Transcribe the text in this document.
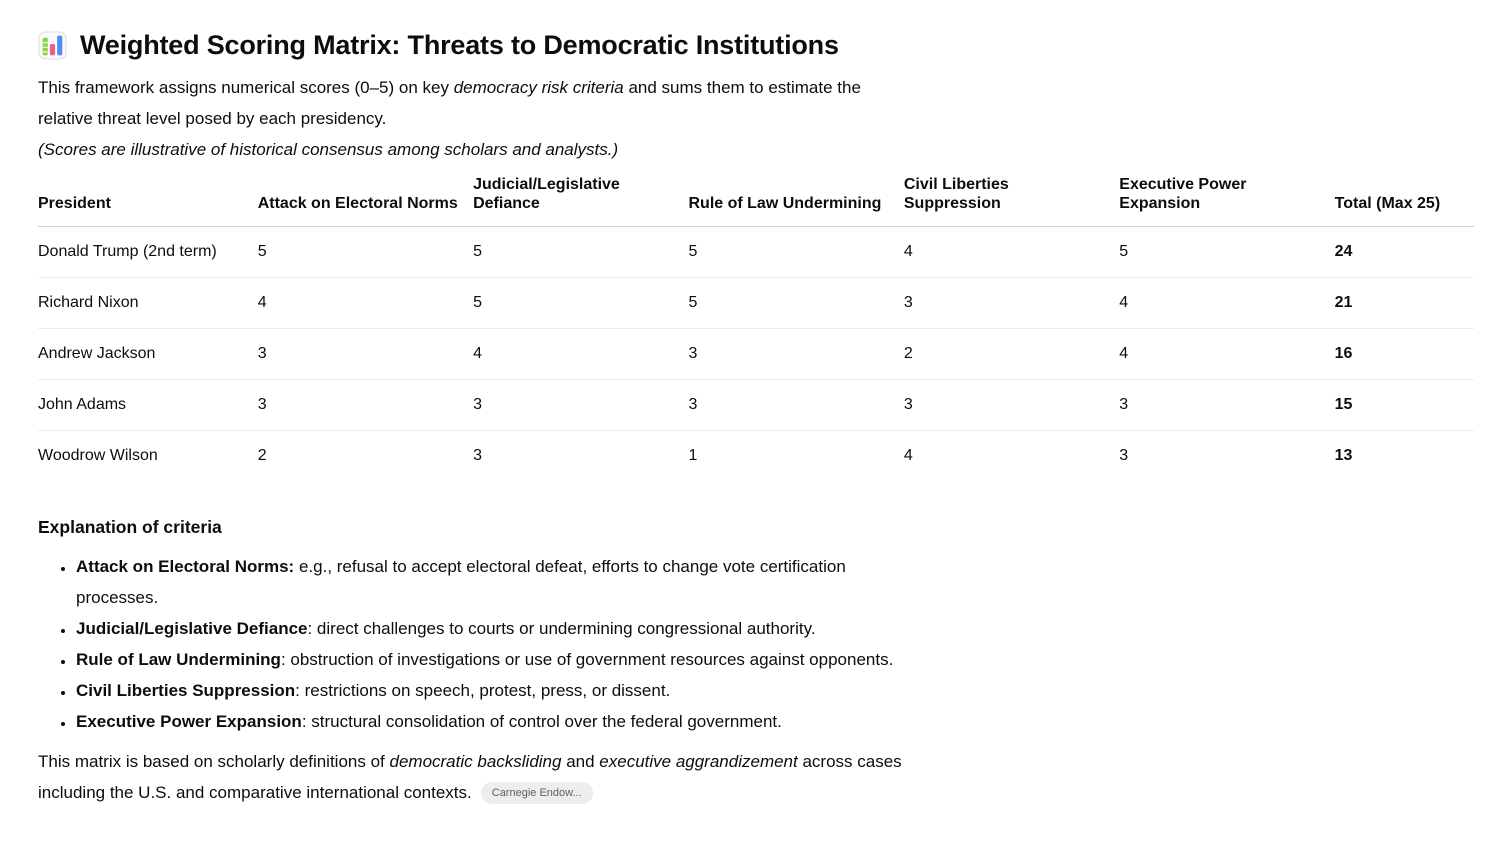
Weighted Scoring Matrix: Threats to Democratic Institutions

This framework assigns numerical scores (0–5) on key democracy risk criteria and sums them to estimate the relative threat level posed by each presidency.

(Scores are illustrative of historical consensus among scholars and analysts.)

President	Attack on Electoral Norms	Judicial/Legislative Defiance	Rule of Law Undermining	Civil Liberties Suppression	Executive Power Expansion	Total (Max 25)
Donald Trump (2nd term)	5	5	5	4	5	24
Richard Nixon	4	5	5	3	4	21
Andrew Jackson	3	4	3	2	4	16
John Adams	3	3	3	3	3	15
Woodrow Wilson	2	3	1	4	3	13
Explanation of criteria
• Attack on Electoral Norms: e.g., refusal to accept electoral defeat, efforts to change vote certification processes.
• Judicial/Legislative Defiance: direct challenges to courts or undermining congressional authority.
• Rule of Law Undermining: obstruction of investigations or use of government resources against opponents.
• Civil Liberties Suppression: restrictions on speech, protest, press, or dissent.
• Executive Power Expansion: structural consolidation of control over the federal government.

This matrix is based on scholarly definitions of democratic backsliding and executive aggrandizement across cases including the U.S. and comparative international contexts. Carnegie Endow...
